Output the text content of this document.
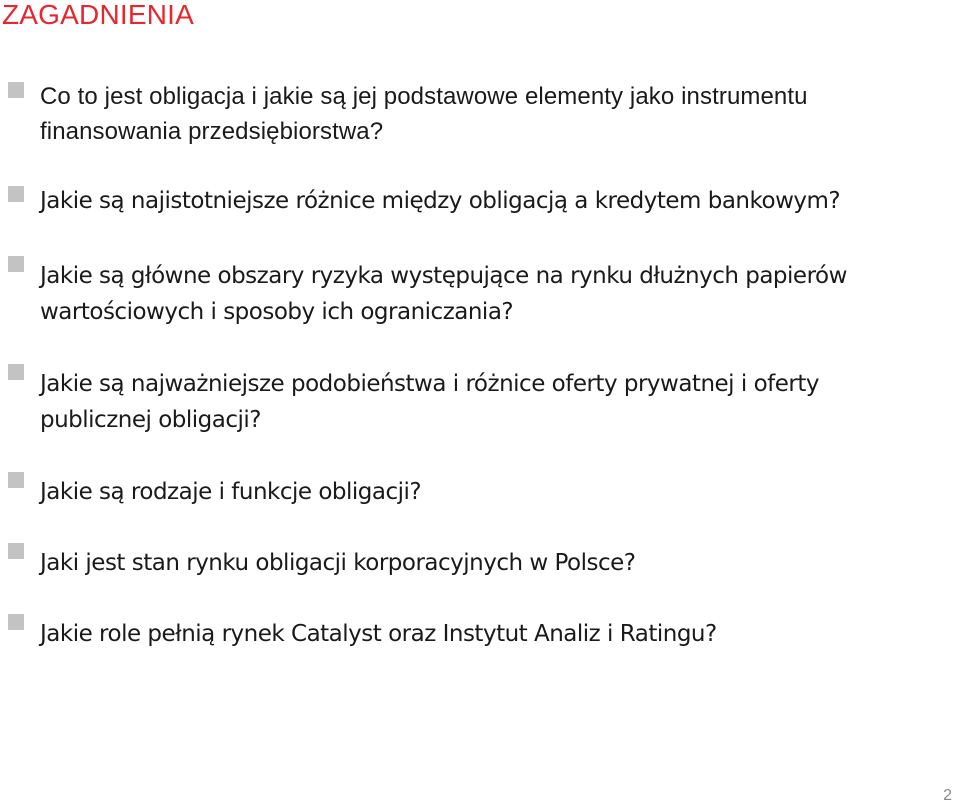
ZAGADNIENIA
Co to jest obligacja i jakie są jej podstawowe elementy jako instrumentu
finansowania przedsiębiorstwa?
Jakie są najistotniejsze różnice między obligacją a kredytem bankowym?
Jakie są główne obszary ryzyka występujące na rynku dłużnych papierów
wartościowych i sposoby ich ograniczania?
Jakie są najważniejsze podobieństwa i różnice oferty prywatnej i oferty
publicznej obligacji?
Jakie są rodzaje i funkcje obligacji?
Jaki jest stan rynku obligacji korporacyjnych w Polsce?
Jakie role pełnią rynek Catalyst oraz Instytut Analiz i Ratingu?
2
